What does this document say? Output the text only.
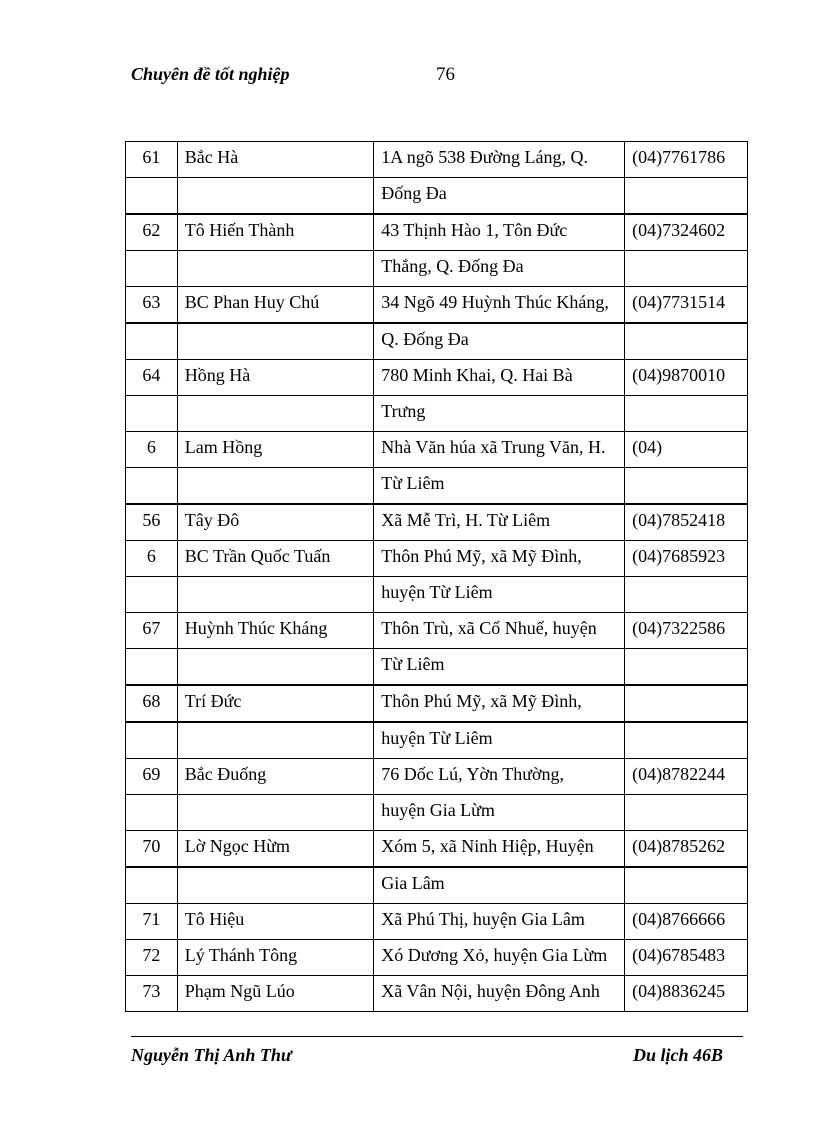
Chuyên đề tốt nghiệp	76
61	Bắc Hà	1A ngõ 538 Đường Láng, Q.	(04)7761786
		Đống Đa	
62	Tô Hiến Thành	43 Thịnh Hào 1, Tôn Đức	(04)7324602
		Thắng, Q. Đống Đa	
63	BC Phan Huy Chú	34 Ngõ 49 Huỳnh Thúc Kháng,	(04)7731514
		Q. Đống Đa	
64	Hồng Hà	780 Minh Khai, Q. Hai Bà	(04)9870010
		Trưng	
6	Lam Hồng	Nhà Văn húa xã Trung Văn, H.	(04)
		Từ Liêm	
56	Tây Đô	Xã Mễ Trì, H. Từ Liêm	(04)7852418
6	BC Trần Quốc Tuấn	Thôn Phú Mỹ, xã Mỹ Đình,	(04)7685923
		huyện Từ Liêm	
67	Huỳnh Thúc Kháng	Thôn Trù, xã Cổ Nhuế, huyện	(04)7322586
		Từ Liêm	
68	Trí Đức	Thôn Phú Mỹ, xã Mỹ Đình,	
		huyện Từ Liêm	
69	Bắc Đuống	76 Dốc Lú, Yờn Thường,	(04)8782244
		huyện Gia Lừm	
70	Lờ Ngọc Hừm	Xóm 5, xã Ninh Hiệp, Huyện	(04)8785262
		Gia Lâm	
71	Tô Hiệu	Xã Phú Thị, huyện Gia Lâm	(04)8766666
72	Lý Thánh Tông	Xó Dương Xỏ, huyện Gia Lừm	(04)6785483
73	Phạm Ngũ Lúo	Xã Vân Nội, huyện Đông Anh	(04)8836245
Nguyễn Thị Anh Thư	Du lịch 46B
